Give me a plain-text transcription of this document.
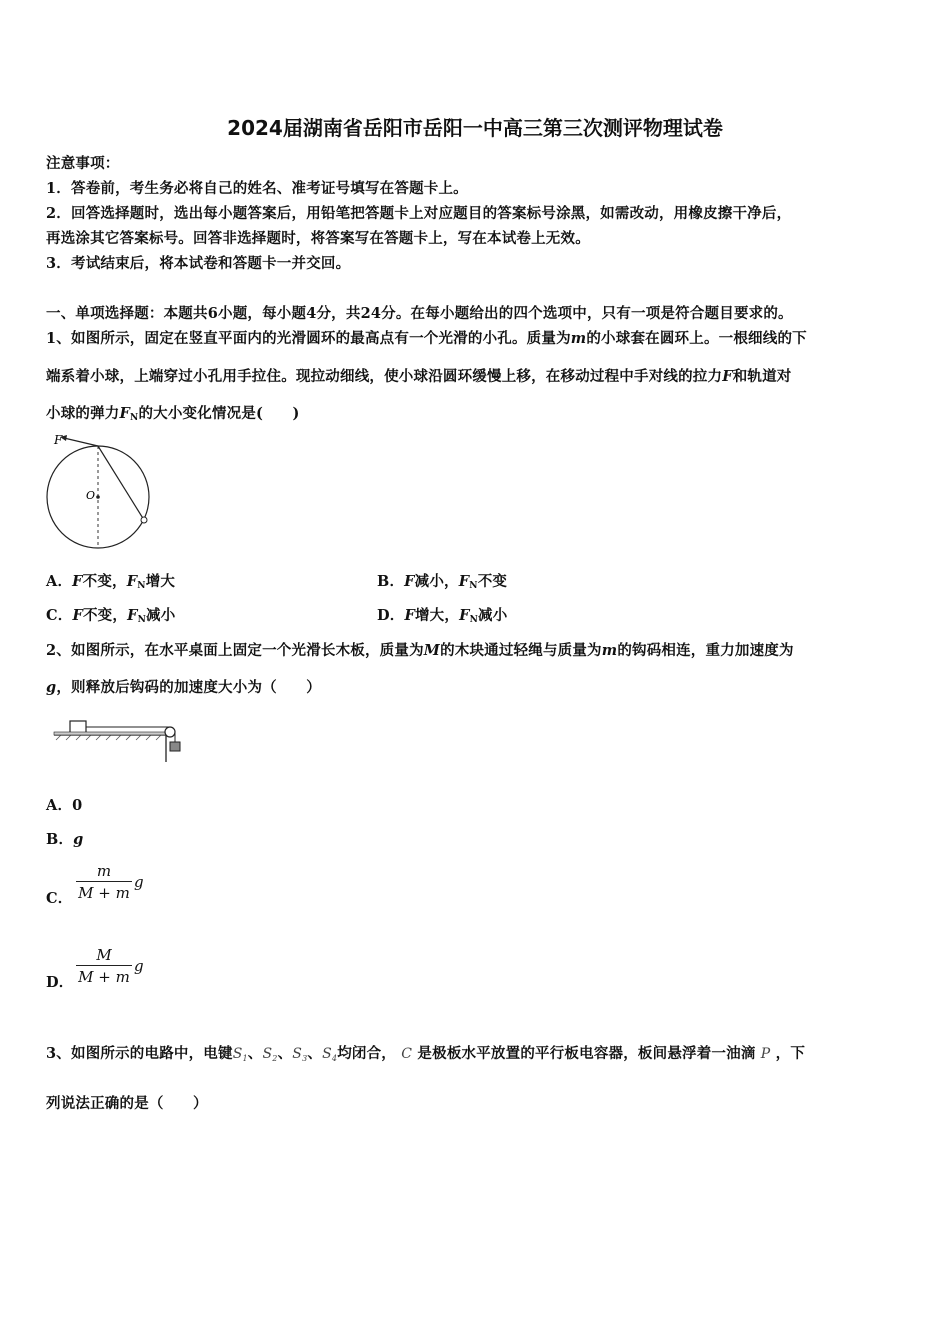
2024届湖南省岳阳市岳阳一中高三第三次测评物理试卷
注意事项：
1．答卷前，考生务必将自己的姓名、准考证号填写在答题卡上。
2．回答选择题时，选出每小题答案后，用铅笔把答题卡上对应题目的答案标号涂黑，如需改动，用橡皮擦干净后，
再选涂其它答案标号。回答非选择题时，将答案写在答题卡上，写在本试卷上无效。
3．考试结束后，将本试卷和答题卡一并交回。
一、单项选择题：本题共6小题，每小题4分，共24分。在每小题给出的四个选项中，只有一项是符合题目要求的。
1、如图所示，固定在竖直平面内的光滑圆环的最高点有一个光滑的小孔。质量为m的小球套在圆环上。一根细线的下
端系着小球，上端穿过小孔用手拉住。现拉动细线，使小球沿圆环缓慢上移，在移动过程中手对线的拉力F和轨道对
小球的弹力$F_N$的大小变化情况是(　　)
F
O
A．F不变，$F_N$增大	B．F减小，$F_N$不变
C．F不变，$F_N$减小	D．F增大，$F_N$减小
2、如图所示，在水平桌面上固定一个光滑长木板，质量为M的木块通过轻绳与质量为m的钩码相连，重力加速度为
g，则释放后钩码的加速度大小为（　　）
A．0
B．g
C．
m
M + m
g
D．
M
M + m
g
3、如图所示的电路中，电键$S_1$、$S_2$、$S_3$、$S_4$均闭合， C 是极板水平放置的平行板电容器，板间悬浮着一油滴 P ，下
列说法正确的是（　　）
